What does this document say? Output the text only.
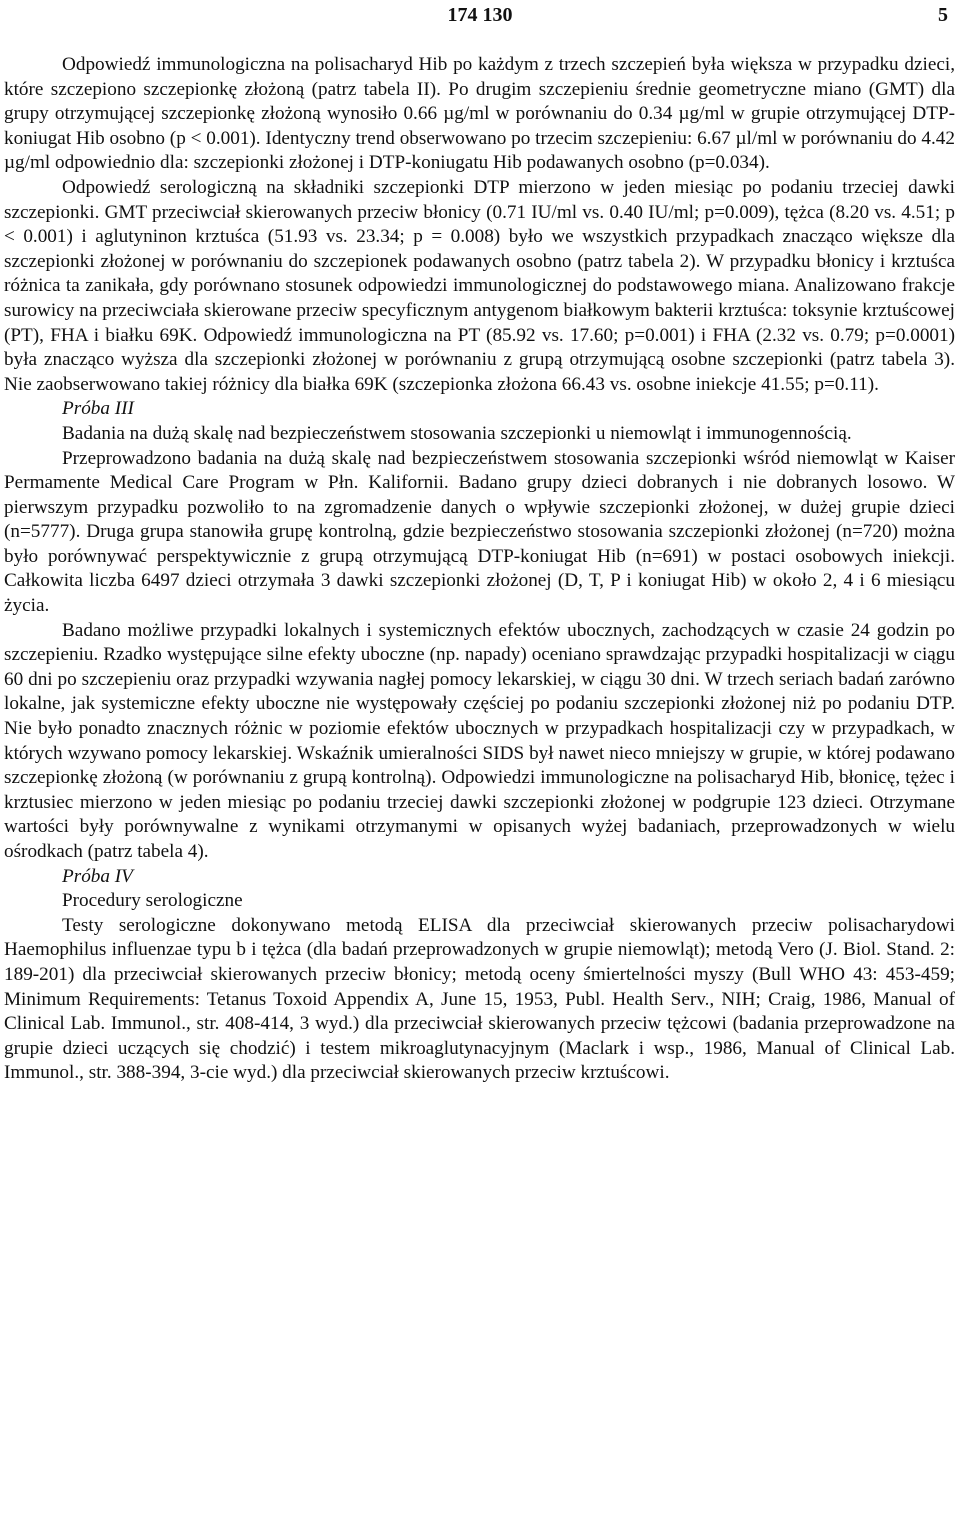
174 130	5

Odpowiedź immunologiczna na polisacharyd Hib po każdym z trzech szczepień była większa w przypadku dzieci, które szczepiono szczepionkę złożoną (patrz tabela II). Po drugim szczepieniu średnie geometryczne miano (GMT) dla grupy otrzymującej szczepionkę złożoną wynosiło 0.66 µg/ml w porównaniu do 0.34 µg/ml w grupie otrzymującej DTP-koniugat Hib osobno (p < 0.001). Identyczny trend obserwowano po trzecim szczepieniu: 6.67 µl/ml w porównaniu do 4.42 µg/ml odpowiednio dla: szczepionki złożonej i DTP-koniugatu Hib podawanych osobno (p=0.034).

Odpowiedź serologiczną na składniki szczepionki DTP mierzono w jeden miesiąc po podaniu trzeciej dawki szczepionki. GMT przeciwciał skierowanych przeciw błonicy (0.71 IU/ml vs. 0.40 IU/ml; p=0.009), tężca (8.20 vs. 4.51; p < 0.001) i aglutyninon krztuśca (51.93 vs. 23.34; p = 0.008) było we wszystkich przypadkach znacząco większe dla szczepionki złożonej w porównaniu do szczepionek podawanych osobno (patrz tabela 2). W przypadku błonicy i krztuśca różnica ta zanikała, gdy porównano stosunek odpowiedzi immunologicznej do podstawowego miana. Analizowano frakcje surowicy na przeciwciała skierowane przeciw specyficznym antygenom białkowym bakterii krztuśca: toksynie krztuścowej (PT), FHA i białku 69K. Odpowiedź immunologiczna na PT (85.92 vs. 17.60; p=0.001) i FHA (2.32 vs. 0.79; p=0.0001) była znacząco wyższa dla szczepionki złożonej w porównaniu z grupą otrzymującą osobne szczepionki (patrz tabela 3). Nie zaobserwowano takiej różnicy dla białka 69K (szczepionka złożona 66.43 vs. osobne iniekcje 41.55; p=0.11).

Próba III

Badania na dużą skalę nad bezpieczeństwem stosowania szczepionki u niemowląt i immunogennością.

Przeprowadzono badania na dużą skalę nad bezpieczeństwem stosowania szczepionki wśród niemowląt w Kaiser Permamente Medical Care Program w Płn. Kalifornii. Badano grupy dzieci dobranych i nie dobranych losowo. W pierwszym przypadku pozwoliło to na zgromadzenie danych o wpływie szczepionki złożonej, w dużej grupie dzieci (n=5777). Druga grupa stanowiła grupę kontrolną, gdzie bezpieczeństwo stosowania szczepionki złożonej (n=720) można było porównywać perspektywicznie z grupą otrzymującą DTP-koniugat Hib (n=691) w postaci osobowych iniekcji. Całkowita liczba 6497 dzieci otrzymała 3 dawki szczepionki złożonej (D, T, P i koniugat Hib) w około 2, 4 i 6 miesiącu życia.

Badano możliwe przypadki lokalnych i systemicznych efektów ubocznych, zachodzących w czasie 24 godzin po szczepieniu. Rzadko występujące silne efekty uboczne (np. napady) oceniano sprawdzając przypadki hospitalizacji w ciągu 60 dni po szczepieniu oraz przypadki wzywania nagłej pomocy lekarskiej, w ciągu 30 dni. W trzech seriach badań zarówno lokalne, jak systemiczne efekty uboczne nie występowały częściej po podaniu szczepionki złożonej niż po podaniu DTP. Nie było ponadto znacznych różnic w poziomie efektów ubocznych w przypadkach hospitalizacji czy w przypadkach, w których wzywano pomocy lekarskiej. Wskaźnik umieralności SIDS był nawet nieco mniejszy w grupie, w której podawano szczepionkę złożoną (w porównaniu z grupą kontrolną). Odpowiedzi immunologiczne na polisacharyd Hib, błonicę, tężec i krztusiec mierzono w jeden miesiąc po podaniu trzeciej dawki szczepionki złożonej w podgrupie 123 dzieci. Otrzymane wartości były porównywalne z wynikami otrzymanymi w opisanych wyżej badaniach, przeprowadzonych w wielu ośrodkach (patrz tabela 4).

Próba IV

Procedury serologiczne

Testy serologiczne dokonywano metodą ELISA dla przeciwciał skierowanych przeciw polisacharydowi Haemophilus influenzae typu b i tężca (dla badań przeprowadzonych w grupie niemowląt); metodą Vero (J. Biol. Stand. 2: 189-201) dla przeciwciał skierowanych przeciw błonicy; metodą oceny śmiertelności myszy (Bull WHO 43: 453-459; Minimum Requirements: Tetanus Toxoid Appendix A, June 15, 1953, Publ. Health Serv., NIH; Craig, 1986, Manual of Clinical Lab. Immunol., str. 408-414, 3 wyd.) dla przeciwciał skierowanych przeciw tężcowi (badania przeprowadzone na grupie dzieci uczących się chodzić) i testem mikroaglutynacyjnym (Maclark i wsp., 1986, Manual of Clinical Lab. Immunol., str. 388-394, 3-cie wyd.) dla przeciwciał skierowanych przeciw krztuścowi.
